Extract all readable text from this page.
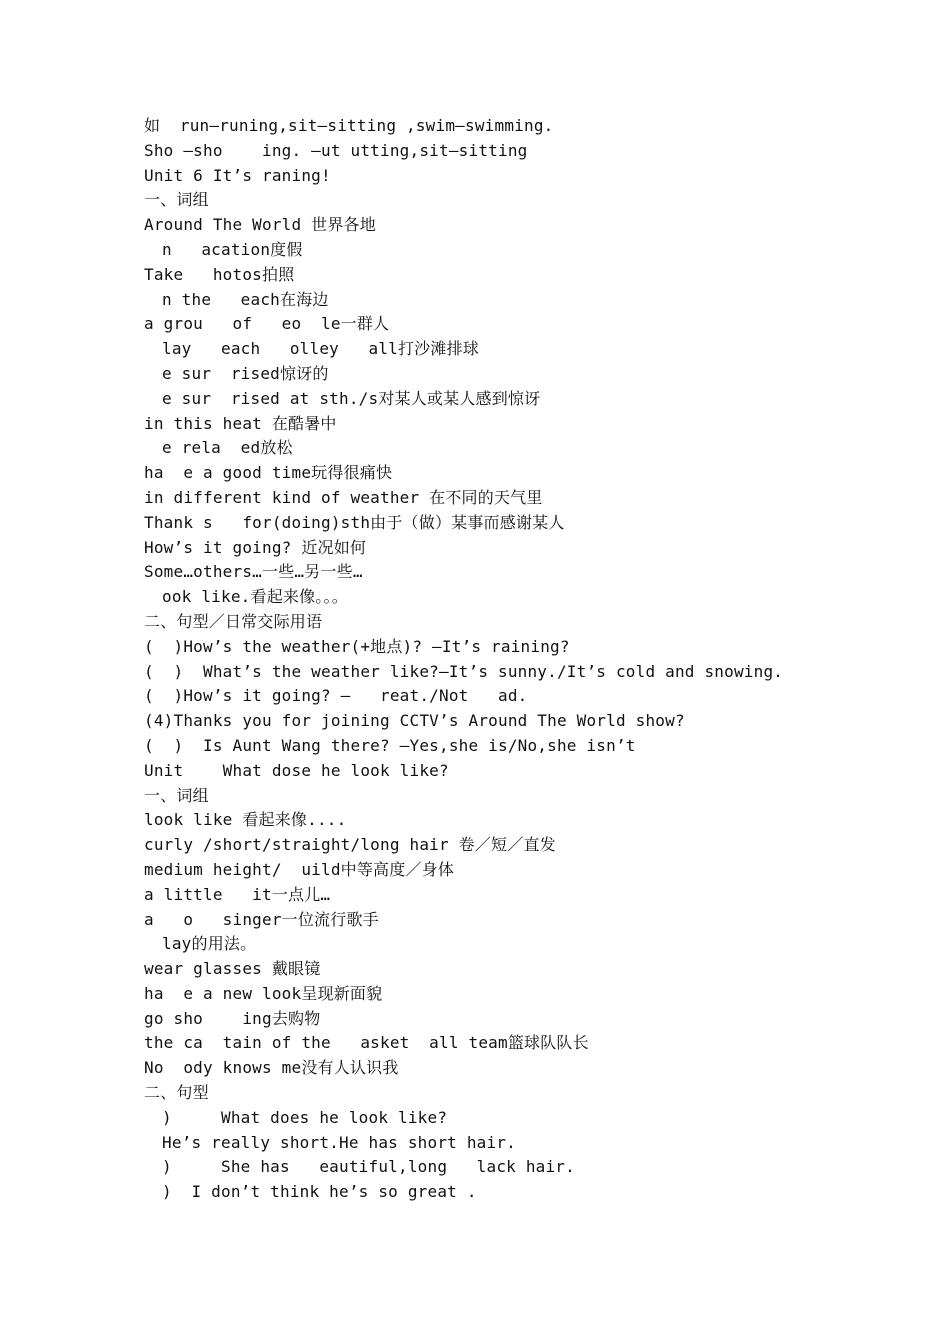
如  run—runing,sit—sitting ,swim—swimming.
Sho —sho    ing. —ut utting,sit—sitting
Unit 6 It’s raning!
一、词组
Around The World 世界各地
n   acation度假
Take   hotos拍照
n the   each在海边
a grou   of   eo  le一群人
lay   each   olley   all打沙滩排球
e sur  rised惊讶的
e sur  rised at sth./s对某人或某人感到惊讶
in this heat 在酷暑中
e rela  ed放松
ha  e a good time玩得很痛快
in different kind of weather 在不同的天气里
Thank s   for(doing)sth由于（做）某事而感谢某人
How’s it going? 近况如何
Some…others…一些…另一些…
ook like.看起来像。。。
二、句型／日常交际用语
(  )How’s the weather(+地点)? –It’s raining?
(  )  What’s the weather like?—It’s sunny./It’s cold and snowing.
(  )How’s it going? –   reat./Not   ad.
(4)Thanks you for joining CCTV’s Around The World show?
(  )  Is Aunt Wang there? –Yes,she is/No,she isn’t
Unit    What dose he look like?
一、词组
look like 看起来像....
curly /short/straight/long hair 卷／短／直发
medium height/  uild中等高度／身体
a little   it一点儿…
a   o   singer一位流行歌手
lay的用法。
wear glasses 戴眼镜
ha  e a new look呈现新面貌
go sho    ing去购物
the ca  tain of the   asket  all team篮球队队长
No  ody knows me没有人认识我
二、句型
)     What does he look like?
He’s really short.He has short hair.
)     She has   eautiful,long   lack hair.
)  I don’t think he’s so great .
